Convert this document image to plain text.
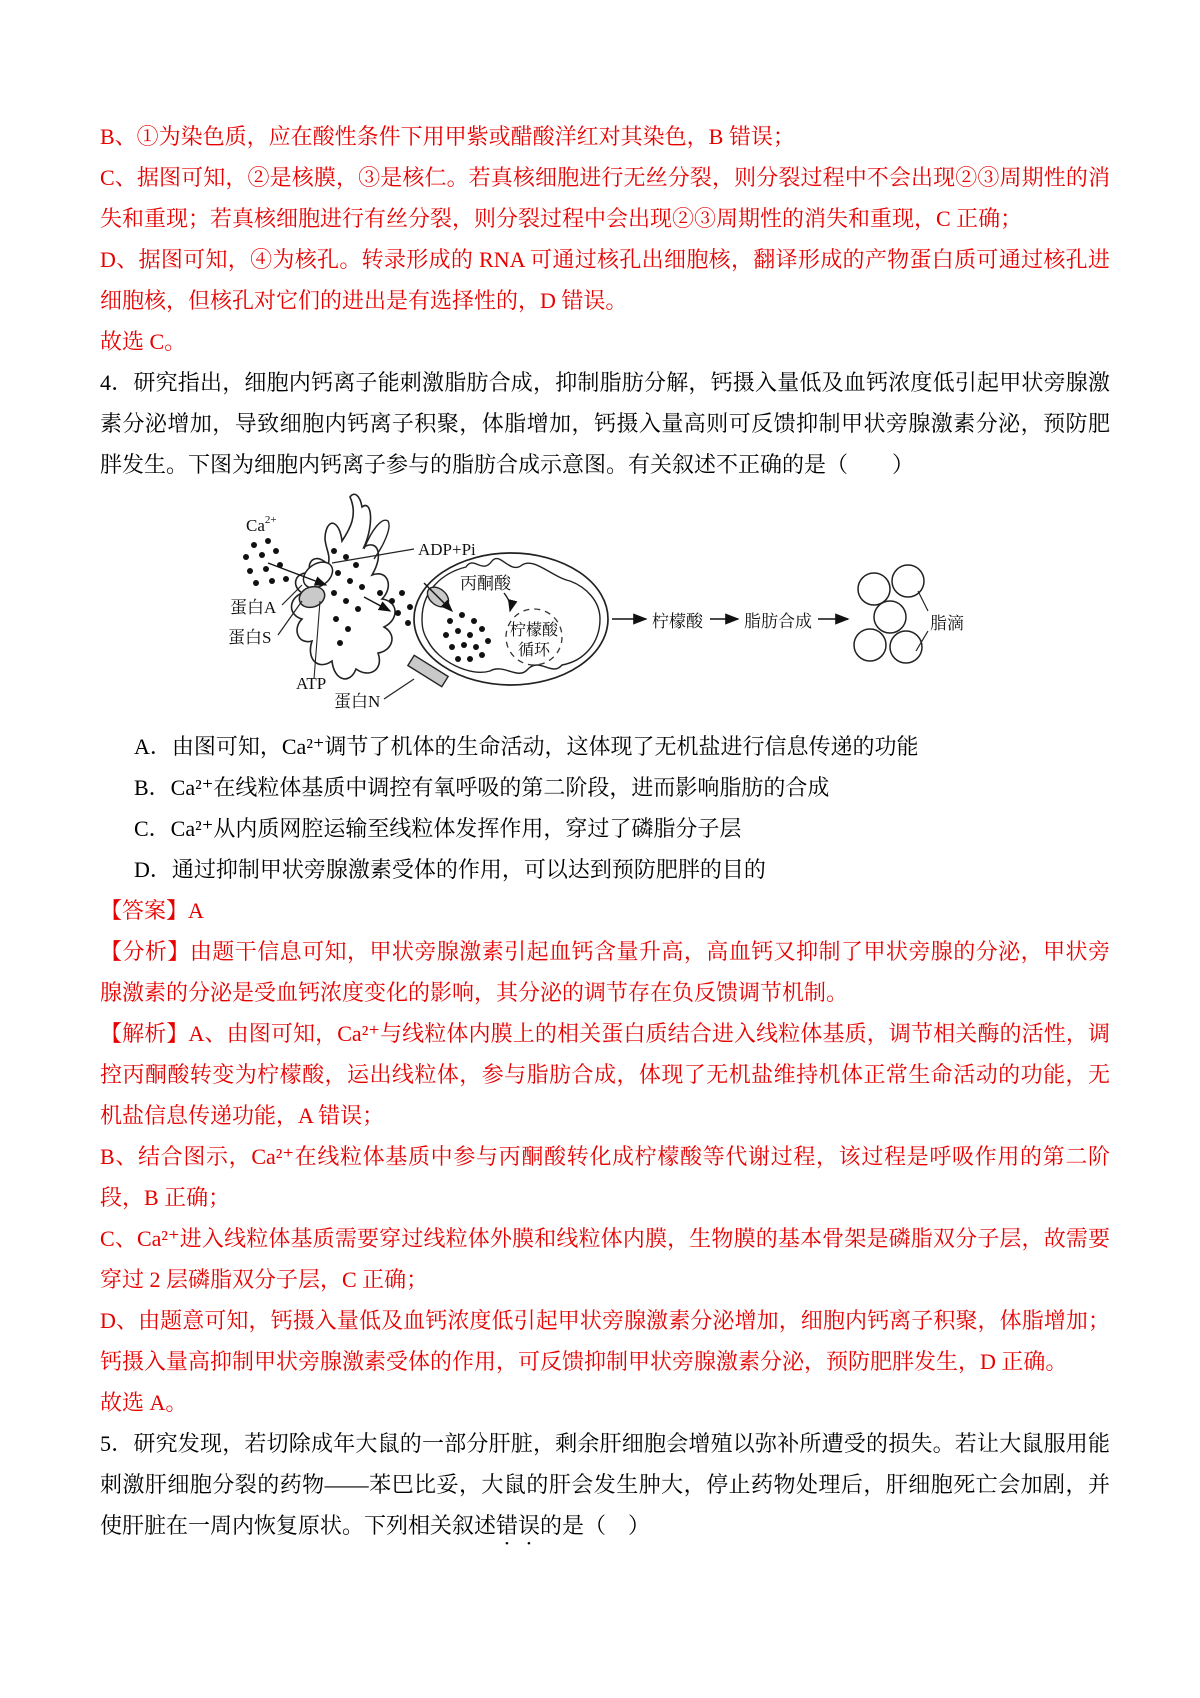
B、①为染色质，应在酸性条件下用甲紫或醋酸洋红对其染色，B 错误；

C、据图可知，②是核膜，③是核仁。若真核细胞进行无丝分裂，则分裂过程中不会出现②③周期性的消失和重现；若真核细胞进行有丝分裂，则分裂过程中会出现②③周期性的消失和重现，C 正确；

D、据图可知，④为核孔。转录形成的 RNA 可通过核孔出细胞核，翻译形成的产物蛋白质可通过核孔进细胞核，但核孔对它们的进出是有选择性的，D 错误。

故选 C。

4．研究指出，细胞内钙离子能刺激脂肪合成，抑制脂肪分解，钙摄入量低及血钙浓度低引起甲状旁腺激素分泌增加，导致细胞内钙离子积聚，体脂增加，钙摄入量高则可反馈抑制甲状旁腺激素分泌，预防肥胖发生。下图为细胞内钙离子参与的脂肪合成示意图。有关叙述不正确的是（　　）

$Ca^{2+}$
蛋白A
蛋白S
ADP+Pi
ATP
蛋白N
丙酮酸
柠檬酸
循环
柠檬酸 脂肪合成	脂滴

A．由图可知，Ca²⁺调节了机体的生命活动，这体现了无机盐进行信息传递的功能

B．Ca²⁺在线粒体基质中调控有氧呼吸的第二阶段，进而影响脂肪的合成

C．Ca²⁺从内质网腔运输至线粒体发挥作用，穿过了磷脂分子层

D．通过抑制甲状旁腺激素受体的作用，可以达到预防肥胖的目的

【答案】A

【分析】由题干信息可知，甲状旁腺激素引起血钙含量升高，高血钙又抑制了甲状旁腺的分泌，甲状旁腺激素的分泌是受血钙浓度变化的影响，其分泌的调节存在负反馈调节机制。

【解析】A、由图可知，Ca²⁺与线粒体内膜上的相关蛋白质结合进入线粒体基质，调节相关酶的活性，调控丙酮酸转变为柠檬酸，运出线粒体，参与脂肪合成，体现了无机盐维持机体正常生命活动的功能，无机盐信息传递功能，A 错误；

B、结合图示，Ca²⁺在线粒体基质中参与丙酮酸转化成柠檬酸等代谢过程，该过程是呼吸作用的第二阶段，B 正确；

C、Ca²⁺进入线粒体基质需要穿过线粒体外膜和线粒体内膜，生物膜的基本骨架是磷脂双分子层，故需要穿过 2 层磷脂双分子层，C 正确；

D、由题意可知，钙摄入量低及血钙浓度低引起甲状旁腺激素分泌增加，细胞内钙离子积聚，体脂增加；钙摄入量高抑制甲状旁腺激素受体的作用，可反馈抑制甲状旁腺激素分泌，预防肥胖发生，D 正确。

故选 A。

5．研究发现，若切除成年大鼠的一部分肝脏，剩余肝细胞会增殖以弥补所遭受的损失。若让大鼠服用能刺激肝细胞分裂的药物——苯巴比妥，大鼠的肝会发生肿大，停止药物处理后，肝细胞死亡会加剧，并使肝脏在一周内恢复原状。下列相关叙述错误的是（　）
